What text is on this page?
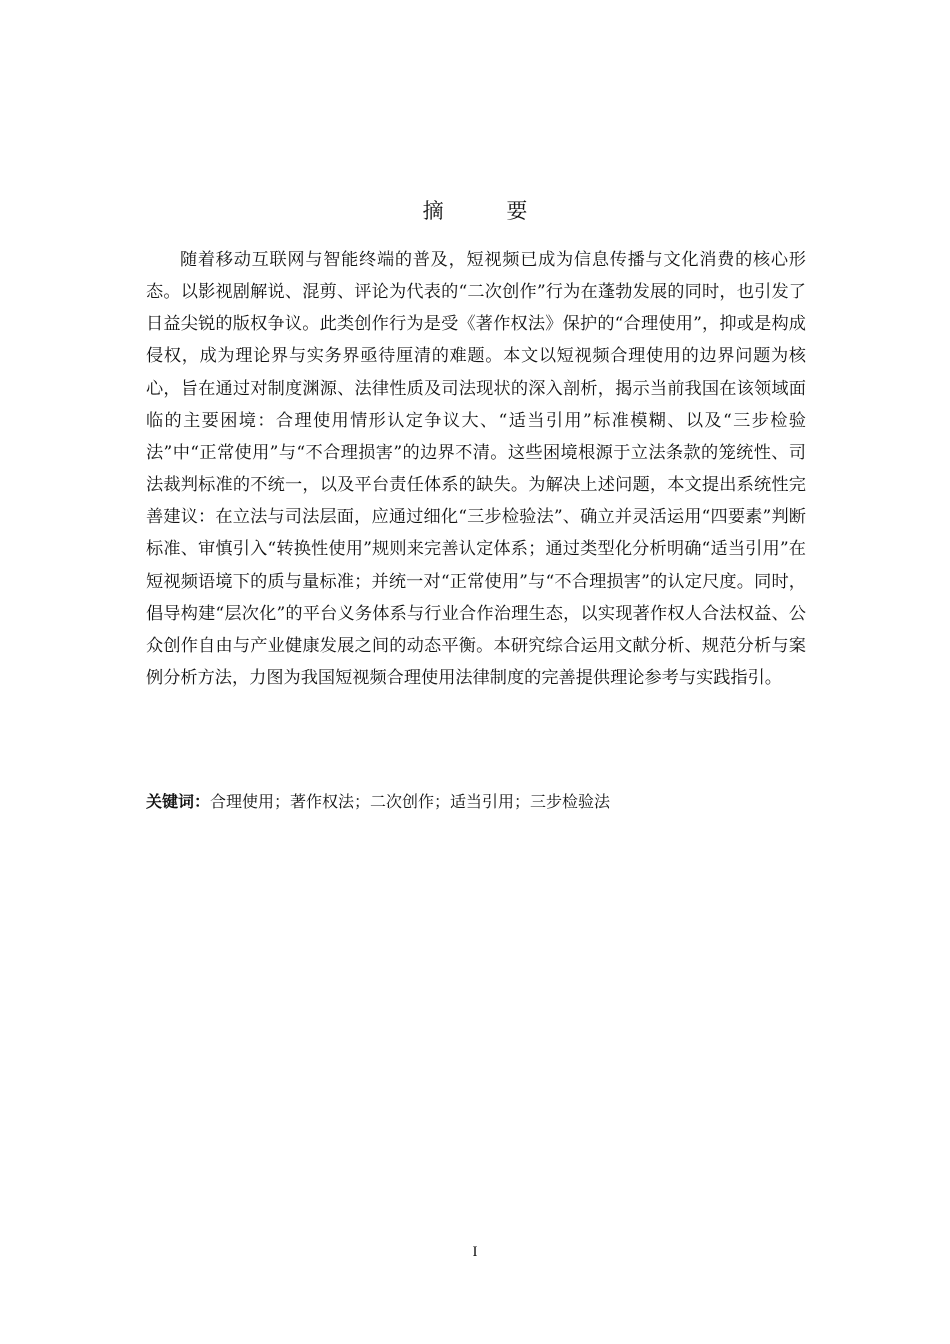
摘 要

随着移动互联网与智能终端的普及，短视频已成为信息传播与文化消费的核心形态。以影视剧解说、混剪、评论为代表的“二次创作”行为在蓬勃发展的同时，也引发了日益尖锐的版权争议。此类创作行为是受《著作权法》保护的“合理使用”，抑或是构成侵权，成为理论界与实务界亟待厘清的难题。本文以短视频合理使用的边界问题为核心，旨在通过对制度渊源、法律性质及司法现状的深入剖析，揭示当前我国在该领域面临的主要困境：合理使用情形认定争议大、“适当引用”标准模糊、以及“三步检验法”中“正常使用”与“不合理损害”的边界不清。这些困境根源于立法条款的笼统性、司法裁判标准的不统一，以及平台责任体系的缺失。为解决上述问题，本文提出系统性完善建议：在立法与司法层面，应通过细化“三步检验法”、确立并灵活运用“四要素”判断标准、审慎引入“转换性使用”规则来完善认定体系；通过类型化分析明确“适当引用”在短视频语境下的质与量标准；并统一对“正常使用”与“不合理损害”的认定尺度。同时，倡导构建“层次化”的平台义务体系与行业合作治理生态，以实现著作权人合法权益、公众创作自由与产业健康发展之间的动态平衡。本研究综合运用文献分析、规范分析与案例分析方法，力图为我国短视频合理使用法律制度的完善提供理论参考与实践指引。

关键词：合理使用；著作权法；二次创作；适当引用；三步检验法

I
